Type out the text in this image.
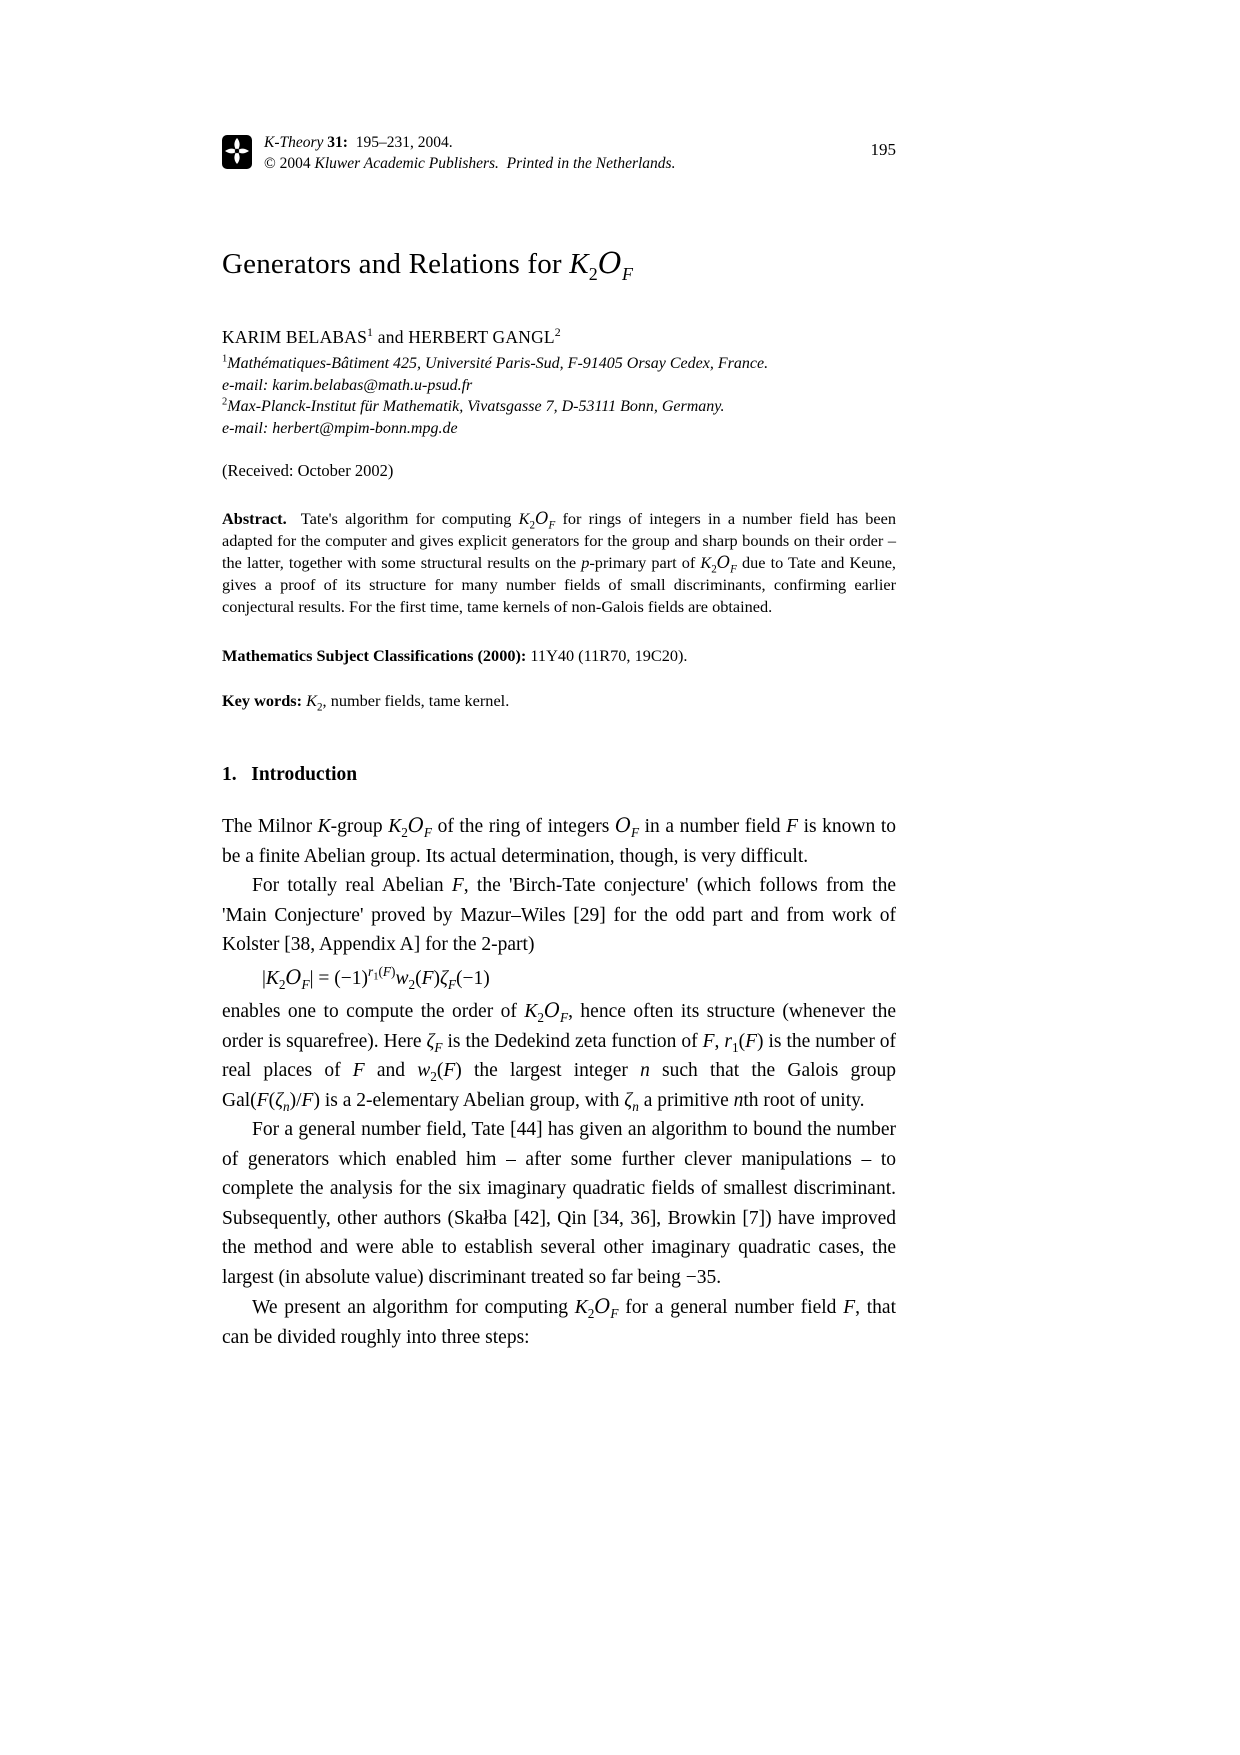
K-Theory 31:  195–231, 2004.
© 2004 Kluwer Academic Publishers.  Printed in the Netherlands.
195
Generators and Relations for $K_2O_F$
KARIM BELABAS$^1$ and HERBERT GANGL$^2$
$^1$Mathématiques-Bâtiment 425, Université Paris-Sud, F-91405 Orsay Cedex, France.
e-mail: karim.belabas@math.u-psud.fr
$^2$Max-Planck-Institut für Mathematik, Vivatsgasse 7, D-53111 Bonn, Germany.
e-mail: herbert@mpim-bonn.mpg.de
(Received: October 2002)

Abstract.  Tate's algorithm for computing $K_2O_F$ for rings of integers in a number field has been adapted for the computer and gives explicit generators for the group and sharp bounds on their order – the latter, together with some structural results on the p-primary part of $K_2O_F$ due to Tate and Keune, gives a proof of its structure for many number fields of small discriminants, confirming earlier conjectural results. For the first time, tame kernels of non-Galois fields are obtained.

Mathematics Subject Classifications (2000): 11Y40 (11R70, 19C20).

Key words: $K_2$, number fields, tame kernel.

1.   Introduction

The Milnor K-group $K_2O_F$ of the ring of integers $O_F$ in a number field F is known to be a finite Abelian group. Its actual determination, though, is very difficult.

For totally real Abelian F, the 'Birch-Tate conjecture' (which follows from the 'Main Conjecture' proved by Mazur–Wiles [29] for the odd part and from work of Kolster [38, Appendix A] for the 2-part)

$|K_2O_F| = (-1)^{r_1(F)}w_2(F)\zeta_F(-1)$

enables one to compute the order of $K_2O_F$, hence often its structure (whenever the order is squarefree). Here $\zeta_F$ is the Dedekind zeta function of F, $r_1(F)$ is the number of real places of F and $w_2(F)$ the largest integer n such that the Galois group $Gal(F(\zeta_n)/F)$ is a 2-elementary Abelian group, with $\zeta_n$ a primitive nth root of unity.

For a general number field, Tate [44] has given an algorithm to bound the number of generators which enabled him – after some further clever manipulations – to complete the analysis for the six imaginary quadratic fields of smallest discriminant. Subsequently, other authors (Skałba [42], Qin [34, 36], Browkin [7]) have improved the method and were able to establish several other imaginary quadratic cases, the largest (in absolute value) discriminant treated so far being −35.

We present an algorithm for computing $K_2O_F$ for a general number field F, that can be divided roughly into three steps:
